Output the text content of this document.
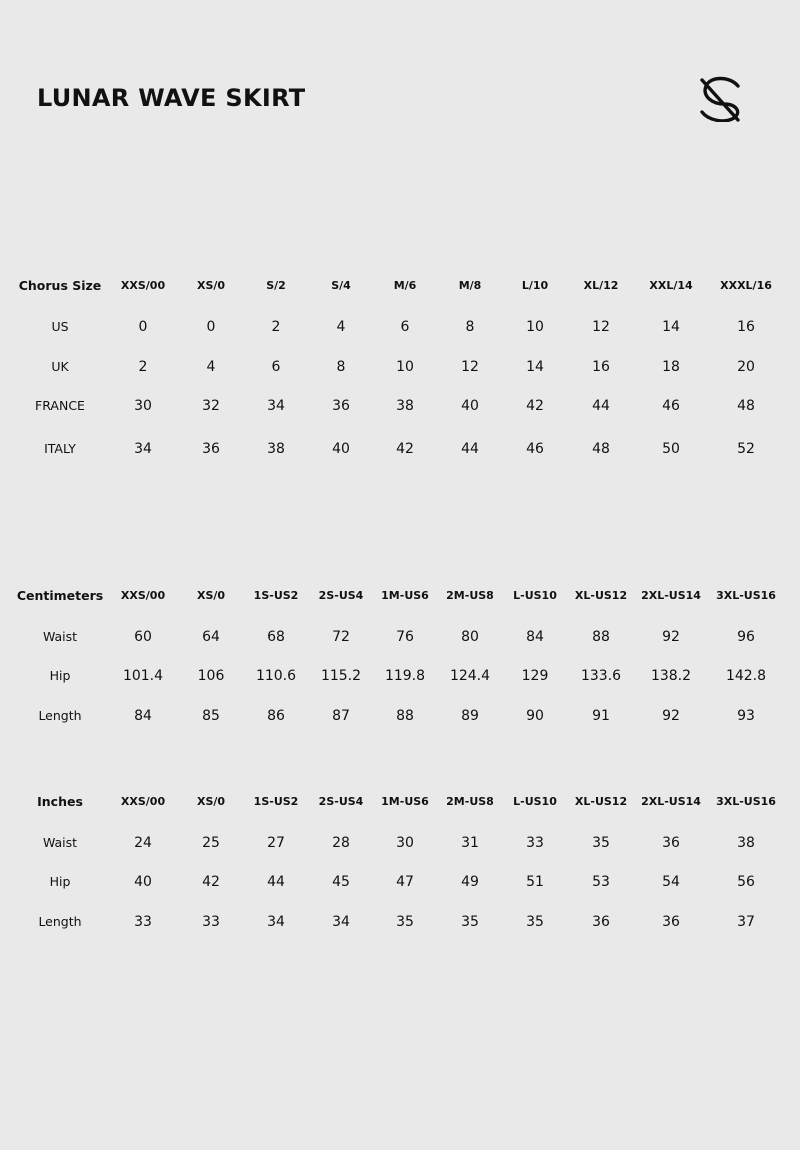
LUNAR WAVE SKIRT
Chorus Size XXS/00	XS/0	S/2	S/4	M/6	M/8	L/10	XL/12	XXL/14 XXXL/16
US	0	0	2	4	6	8	10	12	14	16
UK	2	4	6	8	10	12	14	16	18	20
FRANCE	30	32	34	36	38	40	42	44	46	48
ITALY	34	36	38	40	42	44	46	48	50	52
Centimeters XXS/00	XS/0	1S-US2 2S-US4 1M-US6 2M-US8 L-US10 XL-US12 2XL-US14 3XL-US16
Waist	60	64	68	72	76	80	84	88	92	96
Hip	101.4 106 110.6 115.2 119.8 124.4 129 133.6 138.2 142.8
Length	84	85	86	87	88	89	90	91	92	93
Inches	XXS/00	XS/0	1S-US2 2S-US4 1M-US6 2M-US8 L-US10 XL-US12 2XL-US14 3XL-US16
Waist	24	25	27	28	30	31	33	35	36	38
Hip	40	42	44	45	47	49	51	53	54	56
Length	33	33	34	34	35	35	35	36	36	37
